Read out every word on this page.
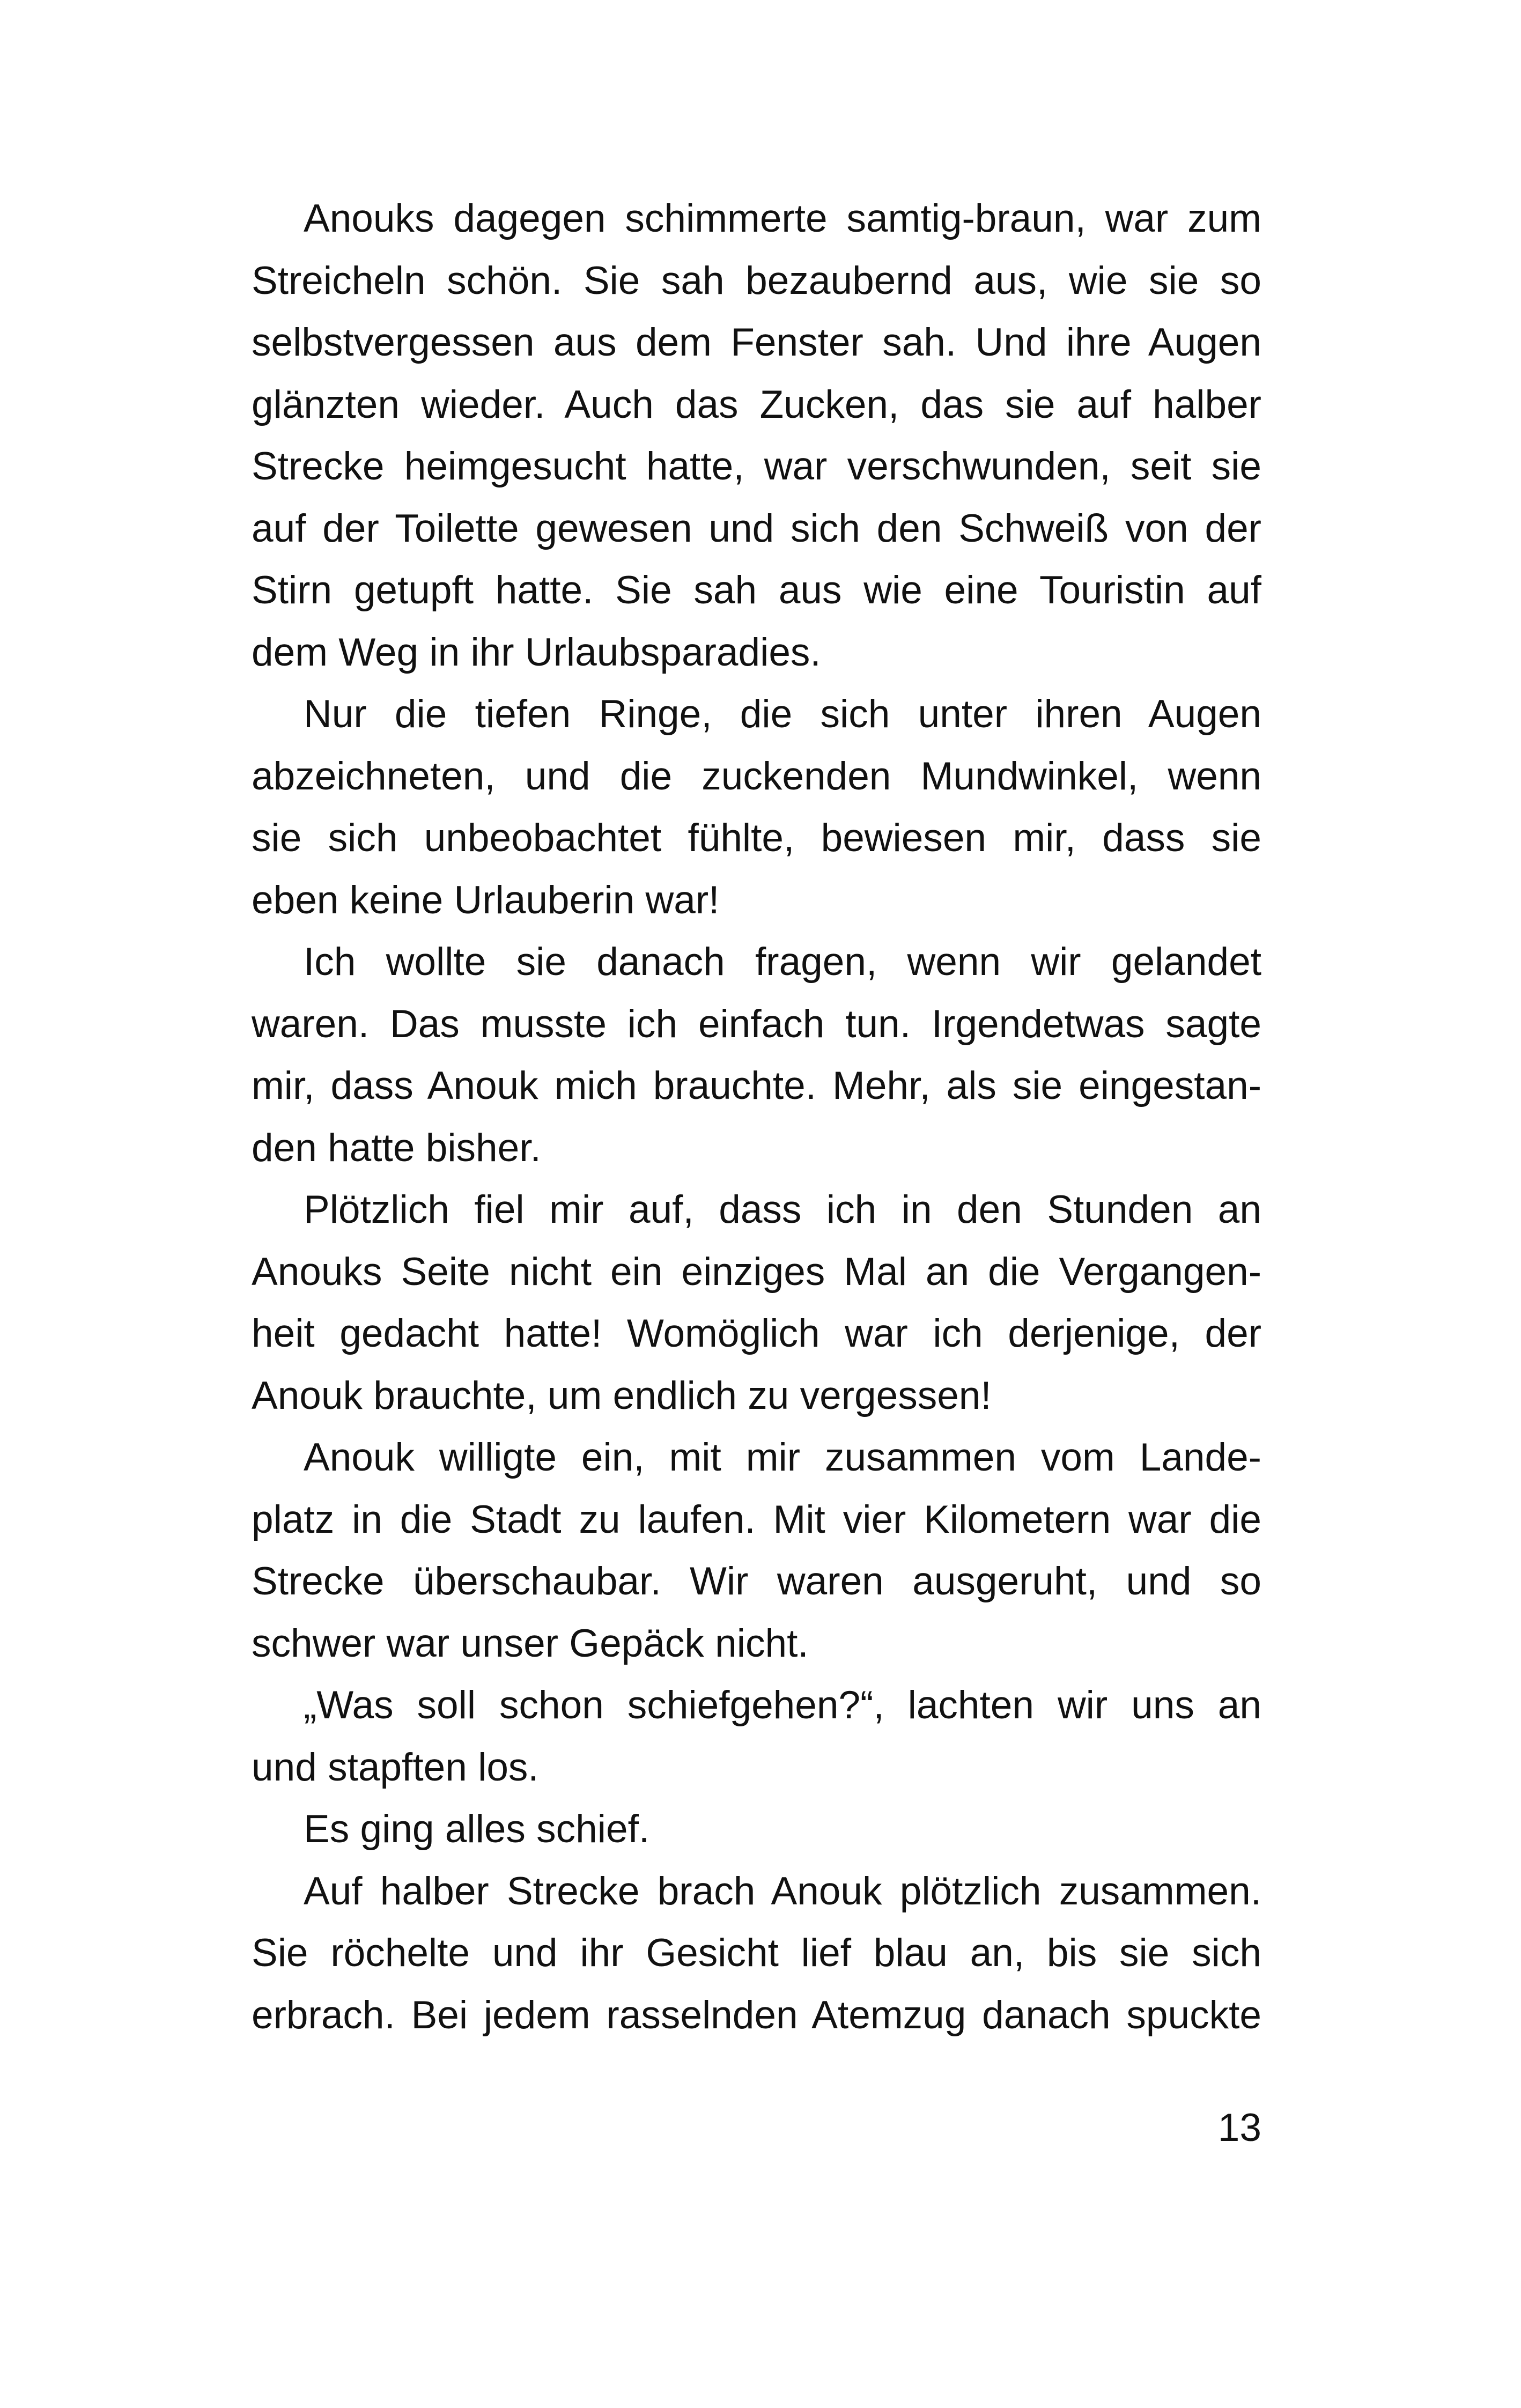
Anouks dagegen schimmerte samtig-braun, war zum
Streicheln schön. Sie sah bezaubernd aus, wie sie so
selbstvergessen aus dem Fenster sah. Und ihre Augen
glänzten wieder. Auch das Zucken, das sie auf halber
Strecke heimgesucht hatte, war verschwunden, seit sie
auf der Toilette gewesen und sich den Schweiß von der
Stirn getupft hatte. Sie sah aus wie eine Touristin auf
dem Weg in ihr Urlaubsparadies.
Nur die tiefen Ringe, die sich unter ihren Augen
abzeichneten, und die zuckenden Mundwinkel, wenn
sie sich unbeobachtet fühlte, bewiesen mir, dass sie
eben keine Urlauberin war!
Ich wollte sie danach fragen, wenn wir gelandet
waren. Das musste ich einfach tun. Irgendetwas sagte
mir, dass Anouk mich brauchte. Mehr, als sie eingestan-
den hatte bisher.
Plötzlich fiel mir auf, dass ich in den Stunden an
Anouks Seite nicht ein einziges Mal an die Vergangen-
heit gedacht hatte! Womöglich war ich derjenige, der
Anouk brauchte, um endlich zu vergessen!
Anouk willigte ein, mit mir zusammen vom Lande-
platz in die Stadt zu laufen. Mit vier Kilometern war die
Strecke überschaubar. Wir waren ausgeruht, und so
schwer war unser Gepäck nicht.
„Was soll schon schiefgehen?“, lachten wir uns an
und stapften los.
Es ging alles schief.
Auf halber Strecke brach Anouk plötzlich zusammen.
Sie röchelte und ihr Gesicht lief blau an, bis sie sich
erbrach. Bei jedem rasselnden Atemzug danach spuckte
13
